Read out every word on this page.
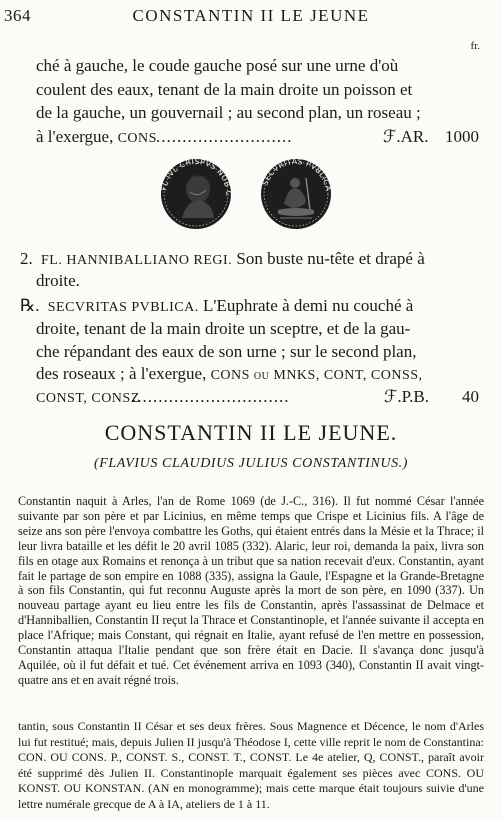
364	CONSTANTIN II LE JEUNE
fr.
ché à gauche, le coude gauche posé sur une urne d'où
coulent des eaux, tenant de la main droite un poisson et
de la gauche, un gouvernail ; au second plan, un roseau ;
à l'exergue, CONS ..........................	ℱ.AR. 1000
FL IVL CRISPVS NOB C
SECVRITAS PVBLICA
2. FL. HANNIBALLIANO REGI. Son buste nu-tête et drapé à
droite.
℞. SECVRITAS PVBLICA. L'Euphrate à demi nu couché à
droite, tenant de la main droite un sceptre, et de la gau-
che répandant des eaux de son urne ; sur le second plan,
des roseaux ; à l'exergue, CONS ou MNKS, CONT, CONSS,
CONST, CONSZ
..............................	ℱ.P.B. 40
CONSTANTIN II LE JEUNE.
(FLAVIUS CLAUDIUS JULIUS CONSTANTINUS.)
Constantin naquit à Arles, l'an de Rome 1069 (de J.-C., 316). Il fut nommé César l'année suivante par son père et par Licinius, en même temps que Crispe et Licinius fils. A l'âge de seize ans son père l'envoya combattre les Goths, qui étaient entrés dans la Mésie et la Thrace; il leur livra bataille et les défit le 20 avril 1085 (332). Alaric, leur roi, demanda la paix, livra son fils en otage aux Romains et renonça à un tribut que sa nation recevait d'eux. Constantin, ayant fait le partage de son empire en 1088 (335), assigna la Gaule, l'Espagne et la Grande-Bretagne à son fils Constantin, qui fut reconnu Auguste après la mort de son père, en 1090 (337). Un nouveau partage ayant eu lieu entre les fils de Constantin, après l'assassinat de Delmace et d'Hanniballien, Constantin II reçut la Thrace et Constantinople, et l'année suivante il accepta en place l'Afrique; mais Constant, qui régnait en Italie, ayant refusé de l'en mettre en possession, Constantin attaqua l'Italie pendant que son frère était en Dacie. Il s'avança donc jusqu'à Aquilée, où il fut défait et tué. Cet événement arriva en 1093 (340), Constantin II avait vingt-quatre ans et en avait régné trois.
tantin, sous Constantin II César et ses deux frères. Sous Magnence et Décence, le nom d'Arles lui fut restitué; mais, depuis Julien II jusqu'à Théodose I, cette ville reprit le nom de Constantina: CON. OU CONS. P., CONST. S., CONST. T., CONST. Le 4e atelier, Q, CONST., paraît avoir été supprimé dès Julien II. Constantinople marquait également ses pièces avec CONS. OU KONST. OU KONSTAN. (AN en monogramme); mais cette marque était toujours suivie d'une lettre numérale grecque de A à IA, ateliers de 1 à 11.
